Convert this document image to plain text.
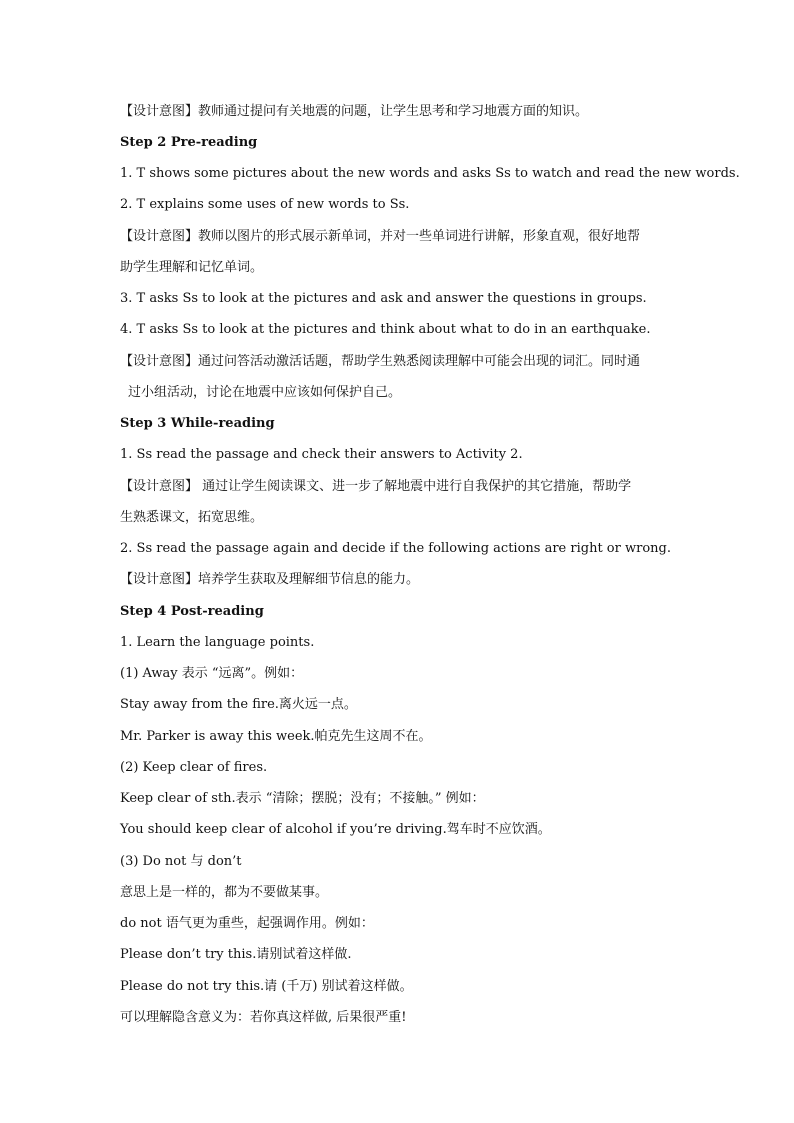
【设计意图】教师通过提问有关地震的问题，让学生思考和学习地震方面的知识。
Step 2 Pre-reading
1. T shows some pictures about the new words and asks Ss to watch and read the new words.
2. T explains some uses of new words to Ss.
【设计意图】教师以图片的形式展示新单词，并对一些单词进行讲解，形象直观，很好地帮
助学生理解和记忆单词。
3. T asks Ss to look at the pictures and ask and answer the questions in groups.
4. T asks Ss to look at the pictures and think about what to do in an earthquake.
【设计意图】通过问答活动激活话题，帮助学生熟悉阅读理解中可能会出现的词汇。同时通
过小组活动，讨论在地震中应该如何保护自己。
Step 3 While-reading
1. Ss read the passage and check their answers to Activity 2.
【设计意图】 通过让学生阅读课文、进一步了解地震中进行自我保护的其它措施，帮助学
生熟悉课文，拓宽思维。
2. Ss read the passage again and decide if the following actions are right or wrong.
【设计意图】培养学生获取及理解细节信息的能力。
Step 4 Post-reading
1. Learn the language points.
(1) Away 表示 “远离”。例如：
Stay away from the fire.离火远一点。
Mr. Parker is away this week.帕克先生这周不在。
(2) Keep clear of fires.
Keep clear of sth.表示 “清除；摆脱；没有；不接触。” 例如：
You should keep clear of alcohol if you’re driving.驾车时不应饮酒。
(3) Do not 与 don’t
意思上是一样的，都为不要做某事。
do not 语气更为重些，起强调作用。例如：
Please don’t try this.请别试着这样做.
Please do not try this.请 (千万) 别试着这样做。
可以理解隐含意义为：若你真这样做, 后果很严重!
